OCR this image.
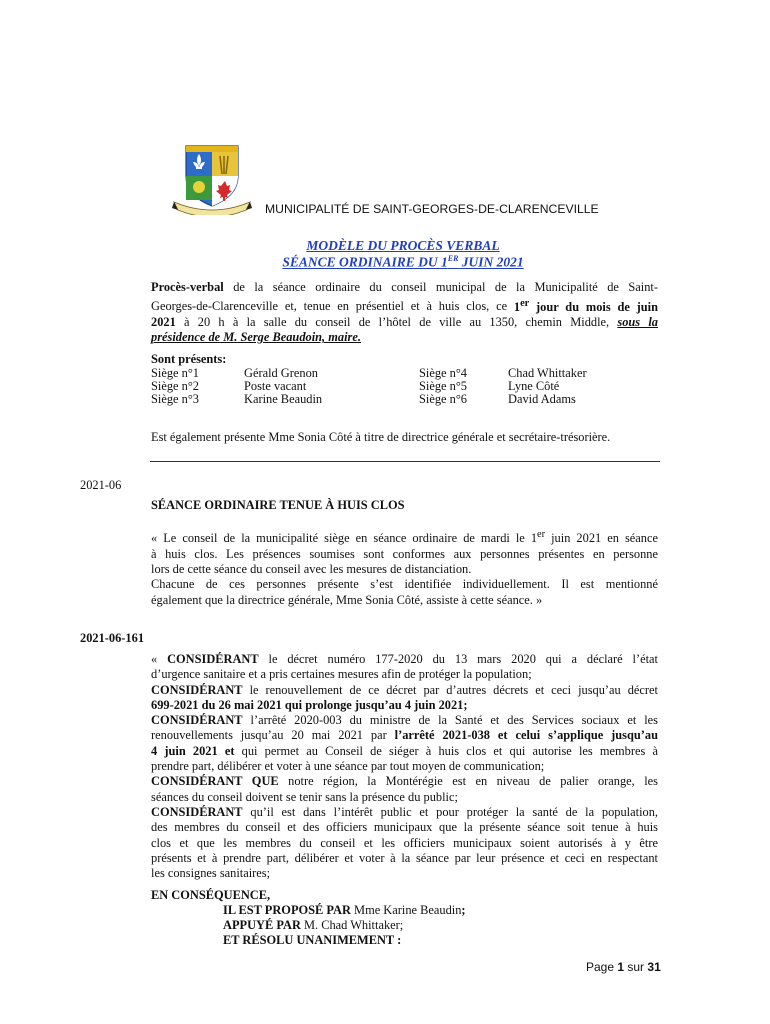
MUNICIPALITÉ DE SAINT-GEORGES-DE-CLARENCEVILLE
MODÈLE DU PROCÈS VERBAL
SÉANCE ORDINAIRE DU 1ER JUIN 2021
Procès-verbal de la séance ordinaire du conseil municipal de la Municipalité de Saint-
Georges-de-Clarenceville et, tenue en présentiel et à huis clos, ce 1er jour du mois de juin
2021 à 20 h à la salle du conseil de l’hôtel de ville au 1350, chemin Middle, sous la
présidence de M. Serge Beaudoin, maire.
Sont présents:
Siège n°1	Gérald Grenon	Siège n°4	Chad Whittaker
Siège n°2	Poste vacant	Siège n°5	Lyne Côté
Siège n°3	Karine Beaudin	Siège n°6	David Adams
Est également présente Mme Sonia Côté à titre de directrice générale et secrétaire-trésorière.
2021-06
SÉANCE ORDINAIRE TENUE À HUIS CLOS
« Le conseil de la municipalité siège en séance ordinaire de mardi le 1er juin 2021 en séance
à huis clos. Les présences soumises sont conformes aux personnes présentes en personne
lors de cette séance du conseil avec les mesures de distanciation.
Chacune de ces personnes présente s’est identifiée individuellement. Il est mentionné
également que la directrice générale, Mme Sonia Côté, assiste à cette séance. »
2021-06-161
« CONSIDÉRANT le décret numéro 177-2020 du 13 mars 2020 qui a déclaré l’état
d’urgence sanitaire et a pris certaines mesures afin de protéger la population;
CONSIDÉRANT le renouvellement de ce décret par d’autres décrets et ceci jusqu’au décret
699-2021 du 26 mai 2021 qui prolonge jusqu’au 4 juin 2021;
CONSIDÉRANT l’arrêté 2020-003 du ministre de la Santé et des Services sociaux et les
renouvellements jusqu’au 20 mai 2021 par l’arrêté 2021-038 et celui s’applique jusqu’au
4 juin 2021 et qui permet au Conseil de siéger à huis clos et qui autorise les membres à
prendre part, délibérer et voter à une séance par tout moyen de communication;
CONSIDÉRANT QUE notre région, la Montérégie est en niveau de palier orange, les
séances du conseil doivent se tenir sans la présence du public;
CONSIDÉRANT qu’il est dans l’intérêt public et pour protéger la santé de la population,
des membres du conseil et des officiers municipaux que la présente séance soit tenue à huis
clos et que les membres du conseil et les officiers municipaux soient autorisés à y être
présents et à prendre part, délibérer et voter à la séance par leur présence et ceci en respectant
les consignes sanitaires;
EN CONSÉQUENCE,
IL EST PROPOSÉ PAR Mme Karine Beaudin;
APPUYÉ PAR M. Chad Whittaker;
ET RÉSOLU UNANIMEMENT :
Page 1 sur 31
